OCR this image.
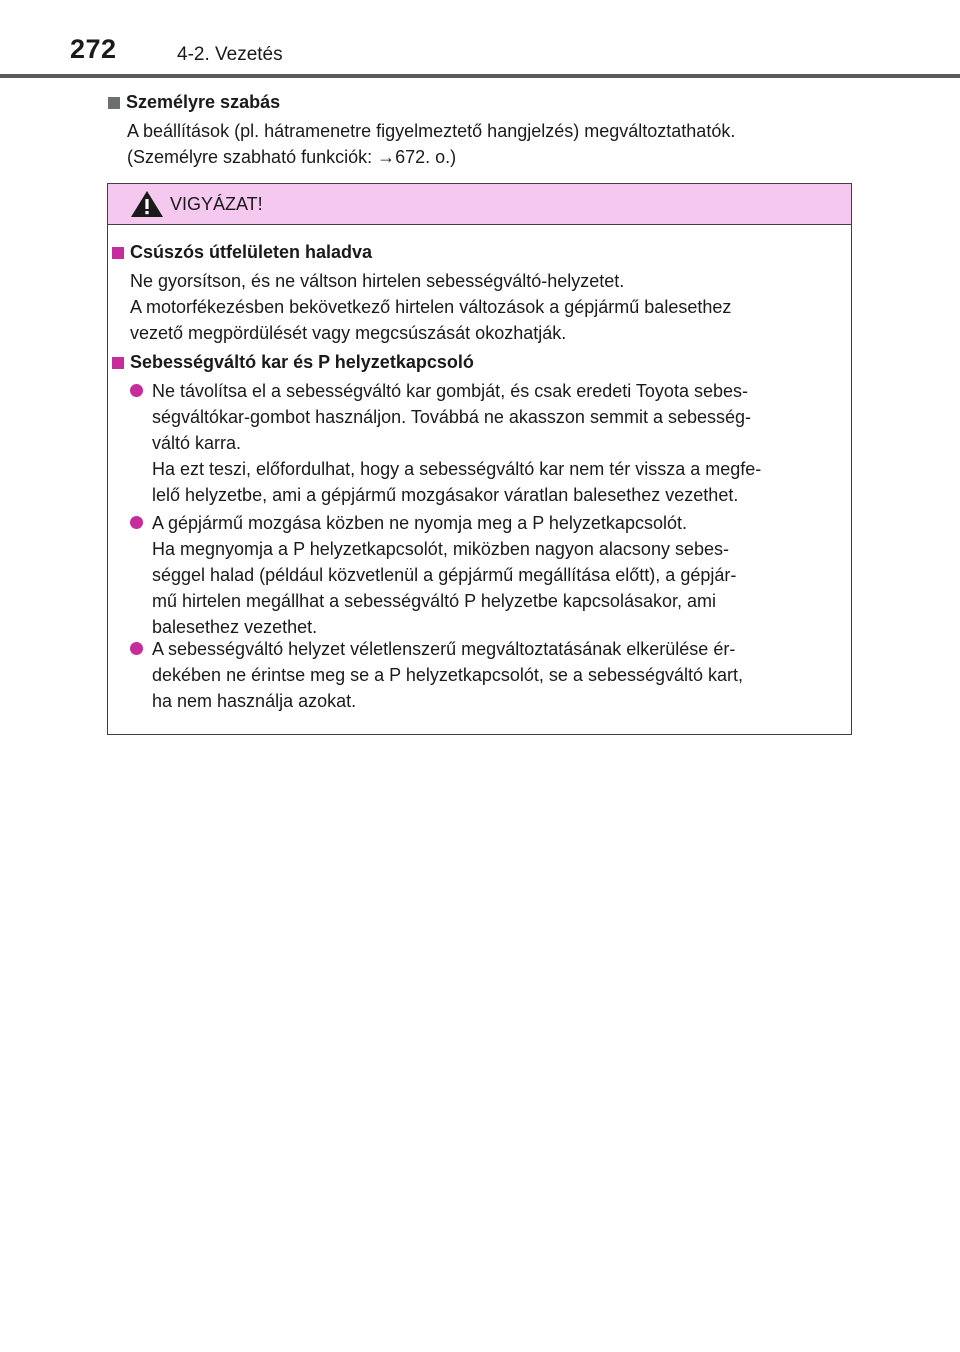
272	4-2. Vezetés
Személyre szabás
A beállítások (pl. hátramenetre figyelmeztető hangjelzés) megváltoztathatók.
(Személyre szabható funkciók: →672. o.)
VIGYÁZAT!
Csúszós útfelületen haladva
Ne gyorsítson, és ne váltson hirtelen sebességváltó-helyzetet.
A motorfékezésben bekövetkező hirtelen változások a gépjármű balesethez
vezető megpördülését vagy megcsúszását okozhatják.
Sebességváltó kar és P helyzetkapcsoló
Ne távolítsa el a sebességváltó kar gombját, és csak eredeti Toyota sebes-
ségváltókar-gombot használjon. Továbbá ne akasszon semmit a sebesség-
váltó karra.
Ha ezt teszi, előfordulhat, hogy a sebességváltó kar nem tér vissza a megfe-
lelő helyzetbe, ami a gépjármű mozgásakor váratlan balesethez vezethet.
A gépjármű mozgása közben ne nyomja meg a P helyzetkapcsolót.
Ha megnyomja a P helyzetkapcsolót, miközben nagyon alacsony sebes-
séggel halad (például közvetlenül a gépjármű megállítása előtt), a gépjár-
mű hirtelen megállhat a sebességváltó P helyzetbe kapcsolásakor, ami
balesethez vezethet.
A sebességváltó helyzet véletlenszerű megváltoztatásának elkerülése ér-
dekében ne érintse meg se a P helyzetkapcsolót, se a sebességváltó kart,
ha nem használja azokat.
